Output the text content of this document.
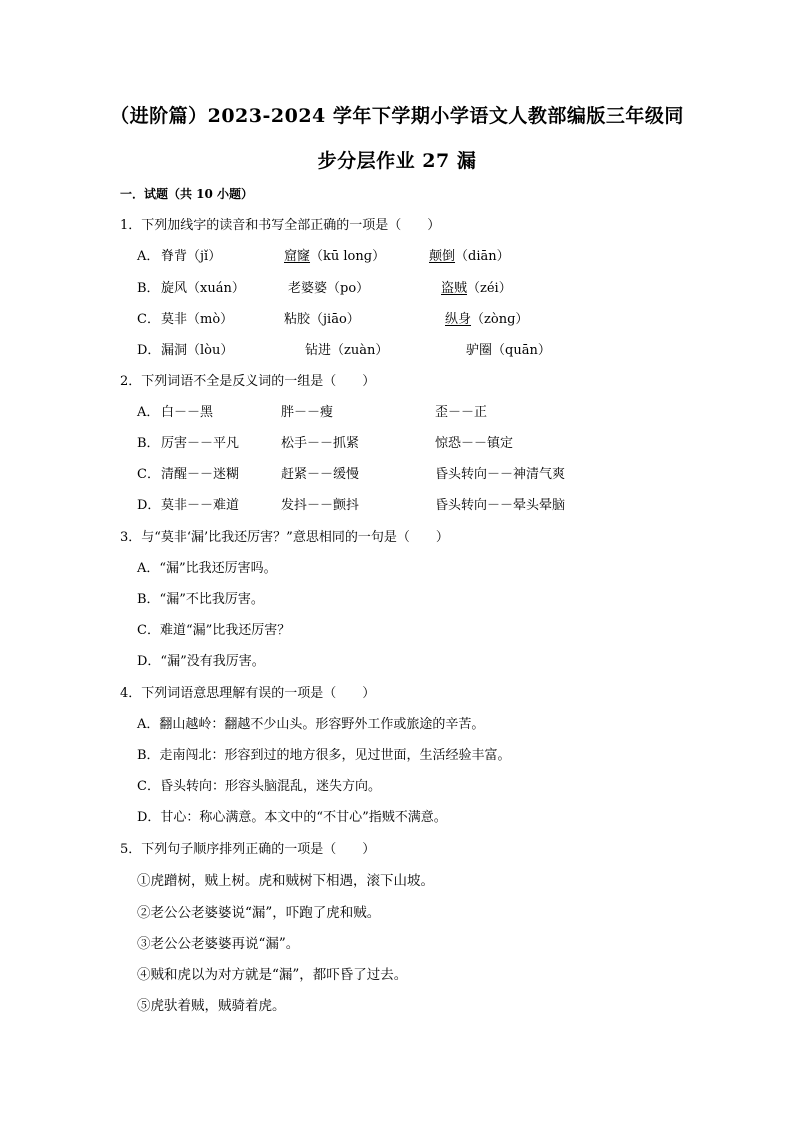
（进阶篇）2023-2024 学年下学期小学语文人教部编版三年级同
步分层作业 27 漏
一．试题（共 10 小题）
1．下列加线字的读音和书写全部正确的一项是（　　）
A． 脊背（jǐ）	窟窿（kū lonɡ）	颠倒（diān）
B． 旋风（xuán）	老婆婆（po）	盗贼（zéi）
C． 莫非（mò）	粘胶（jiāo）	纵身（zònɡ）
D． 漏洞（lòu）	钻进（zuàn）	驴圈（quān）
2．下列词语不全是反义词的一组是（　　）
A． 白－－黑	胖－－瘦	歪－－正
B． 厉害－－平凡	松手－－抓紧	惊恐－－镇定
C． 清醒－－迷糊	赶紧－－缓慢	昏头转向－－神清气爽
D． 莫非－－难道	发抖－－颤抖	昏头转向－－晕头晕脑
3．与“莫非‘漏’比我还厉害？”意思相同的一句是（　　）
A．“漏”比我还厉害吗。
B．“漏”不比我厉害。
C．难道“漏”比我还厉害？
D．“漏”没有我厉害。
4．下列词语意思理解有误的一项是（　　）
A．翻山越岭：翻越不少山头。形容野外工作或旅途的辛苦。
B．走南闯北：形容到过的地方很多，见过世面，生活经验丰富。
C．昏头转向：形容头脑混乱，迷失方向。
D．甘心：称心满意。本文中的“不甘心”指贼不满意。
5．下列句子顺序排列正确的一项是（　　）
①虎蹭树，贼上树。虎和贼树下相遇，滚下山坡。
②老公公老婆婆说“漏”，吓跑了虎和贼。
③老公公老婆婆再说“漏”。
④贼和虎以为对方就是“漏”，都吓昏了过去。
⑤虎驮着贼，贼骑着虎。
